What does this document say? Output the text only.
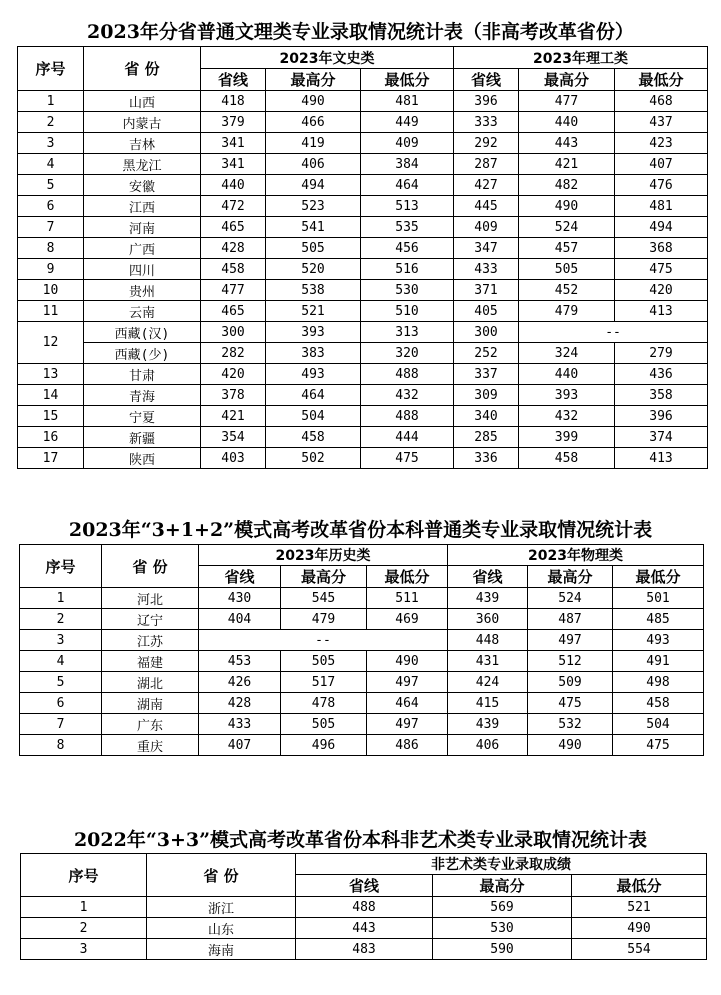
2023年分省普通文理类专业录取情况统计表（非高考改革省份）
序号	省 份	2023年文史类			2023年理工类		
		省线	最高分	最低分	省线	最高分	最低分
1	山西	418	490	481	396	477	468
2	内蒙古	379	466	449	333	440	437
3	吉林	341	419	409	292	443	423
4	黑龙江	341	406	384	287	421	407
5	安徽	440	494	464	427	482	476
6	江西	472	523	513	445	490	481
7	河南	465	541	535	409	524	494
8	广西	428	505	456	347	457	368
9	四川	458	520	516	433	505	475
10	贵州	477	538	530	371	452	420
11	云南	465	521	510	405	479	413
12	西藏(汉)	300	393	313	300	--	
	西藏(少)	282	383	320	252	324	279
13	甘肃	420	493	488	337	440	436
14	青海	378	464	432	309	393	358
15	宁夏	421	504	488	340	432	396
16	新疆	354	458	444	285	399	374
17	陕西	403	502	475	336	458	413
2023年“3+1+2”模式高考改革省份本科普通类专业录取情况统计表
序号	省 份	2023年历史类			2023年物理类		
		省线	最高分	最低分	省线	最高分	最低分
1	河北	430	545	511	439	524	501
2	辽宁	404	479	469	360	487	485
3	江苏	--			448	497	493
4	福建	453	505	490	431	512	491
5	湖北	426	517	497	424	509	498
6	湖南	428	478	464	415	475	458
7	广东	433	505	497	439	532	504
8	重庆	407	496	486	406	490	475
2022年“3+3”模式高考改革省份本科非艺术类专业录取情况统计表
序号	省 份	非艺术类专业录取成绩		
		省线	最高分	最低分
1	浙江	488	569	521
2	山东	443	530	490
3	海南	483	590	554
